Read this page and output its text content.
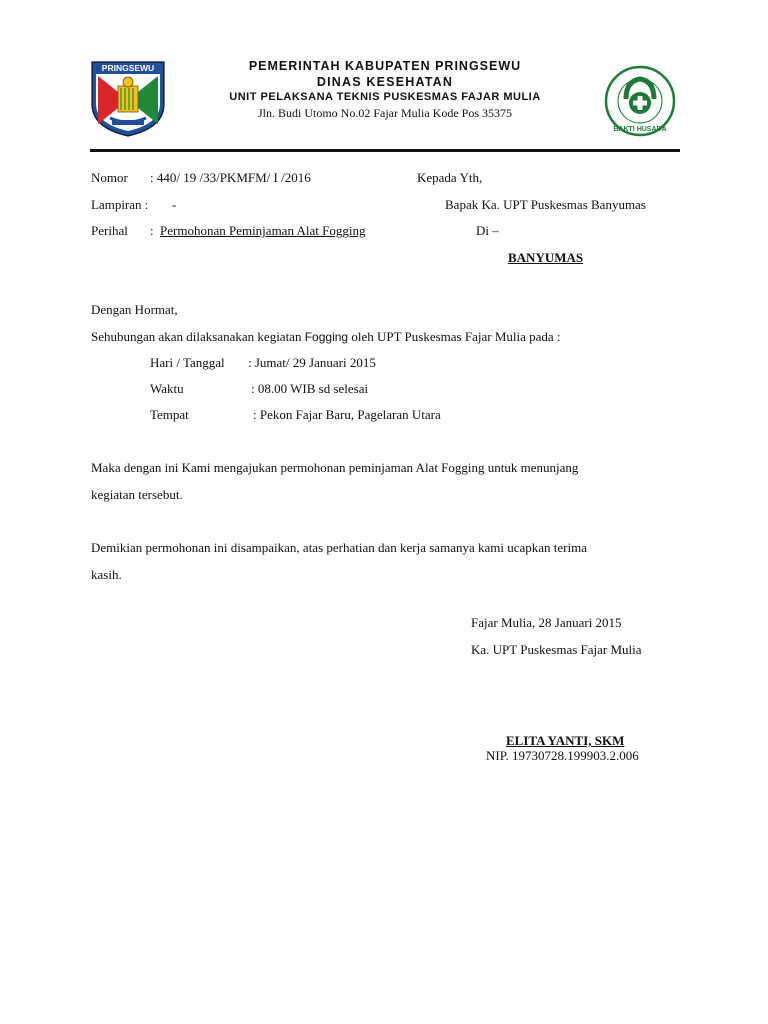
PRINGSEWU	PEMERINTAH KABUPATEN PRINGSEWU
DINAS KESEHATAN
UNIT PELAKSANA TEKNIS PUSKESMAS FAJAR MULIA
Jln. Budi Utomo No.02 Fajar Mulia Kode Pos 35375
BAKTI HUSADA
Nomor : 440/ 19 /33/PKMFM/ I /2016	Kepada Yth,
Lampiran : -	Bapak Ka. UPT Puskesmas Banyumas
Perihal : Permohonan Peminjaman Alat Fogging	Di –
BANYUMAS
Dengan Hormat,
Sehubungan akan dilaksanakan kegiatan Fogging oleh UPT Puskesmas Fajar Mulia pada :
Hari / Tanggal : Jumat/ 29 Januari 2015
Waktu	: 08.00 WIB sd selesai
Tempat	: Pekon Fajar Baru, Pagelaran Utara
Maka dengan ini Kami mengajukan permohonan peminjaman Alat Fogging untuk menunjang
kegiatan tersebut.
Demikian permohonan ini disampaikan, atas perhatian dan kerja samanya kami ucapkan terima
kasih.
Fajar Mulia, 28 Januari 2015
Ka. UPT Puskesmas Fajar Mulia
ELITA YANTI, SKM
NIP. 19730728.199903.2.006
